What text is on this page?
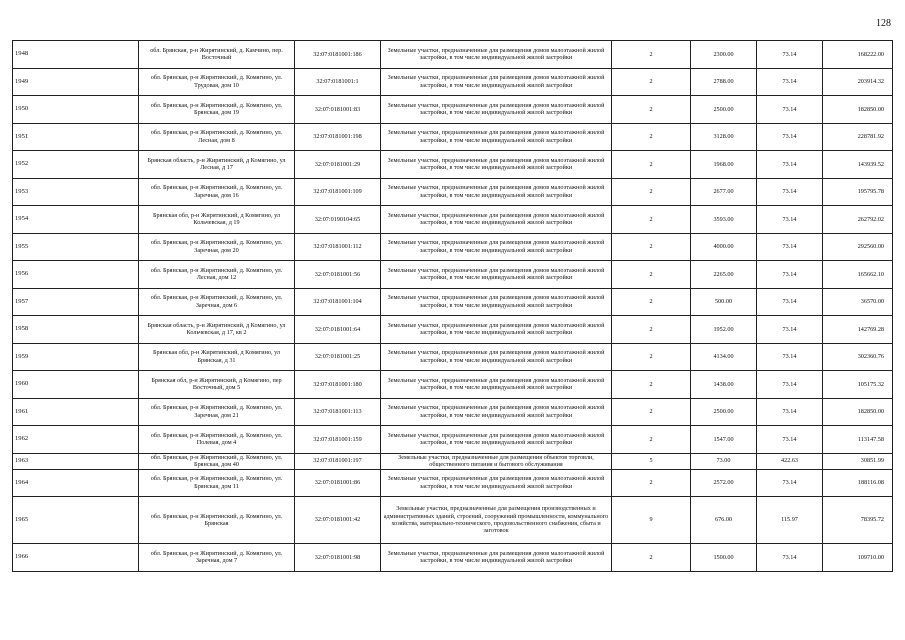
128
1948	обл. Брянская, р-н Жирятинский, д. Камчино, пер. Восточный	32:07:0181001:186	Земельные участки, предназначенные для размещения домов малоэтажной жилой застройки, в том числе индивидуальной жилой застройки	2	2300.00	73.14	168222.00
1949	обл. Брянская, р-н Жирятинский, д. Комягино, ул. Трудовая, дом 10	32:07:0181001:1	Земельные участки, предназначенные для размещения домов малоэтажной жилой застройки, в том числе индивидуальной жилой застройки	2	2788.00	73.14	203914.32
1950	обл. Брянская, р-н Жирятинский, д. Комягино, ул. Брянская, дом 19	32:07:0181001:83	Земельные участки, предназначенные для размещения домов малоэтажной жилой застройки, в том числе индивидуальной жилой застройки	2	2500.00	73.14	182850.00
1951	обл. Брянская, р-н Жирятинский, д. Комягино, ул. Лесная, дом 8	32:07:0181001:198	Земельные участки, предназначенные для размещения домов малоэтажной жилой застройки, в том числе индивидуальной жилой застройки	2	3128.00	73.14	228781.92
1952	Брянская область, р-н Жирятинский, д Комягино, ул Лесная, д 17	32:07:0181001:29	Земельные участки, предназначенные для размещения домов малоэтажной жилой застройки, в том числе индивидуальной жилой застройки	2	1968.00	73.14	143939.52
1953	обл. Брянская, р-н Жирятинский, д. Комягино, ул. Заречная, дом 16	32:07:0181001:109	Земельные участки, предназначенные для размещения домов малоэтажной жилой застройки, в том числе индивидуальной жилой застройки	2	2677.00	73.14	195795.78
1954	Брянская обл, р-н Жирятинский, д Комягино, ул Кольчевская, д 19	32:07:0190104:65	Земельные участки, предназначенные для размещения домов малоэтажной жилой застройки, в том числе индивидуальной жилой застройки	2	3593.00	73.14	262792.02
1955	обл. Брянская, р-н Жирятинский, д. Комягино, ул. Заречная, дом 20	32:07:0181001:112	Земельные участки, предназначенные для размещения домов малоэтажной жилой застройки, в том числе индивидуальной жилой застройки	2	4000.00	73.14	292560.00
1956	обл. Брянская, р-н Жирятинский, д. Комягино, ул. Лесная, дом 12	32:07:0181001:56	Земельные участки, предназначенные для размещения домов малоэтажной жилой застройки, в том числе индивидуальной жилой застройки	2	2265.00	73.14	165662.10
1957	обл. Брянская, р-н Жирятинский, д. Комягино, ул. Заречная, дом 6	32:07:0181001:104	Земельные участки, предназначенные для размещения домов малоэтажной жилой застройки, в том числе индивидуальной жилой застройки	2	500.00	73.14	36570.00
1958	Брянская область, р-н Жирятинский, д Комягино, ул Кольчевская, д 17, кв 2	32:07:0181001:64	Земельные участки, предназначенные для размещения домов малоэтажной жилой застройки, в том числе индивидуальной жилой застройки	2	1952.00	73.14	142769.28
1959	Брянская обл, р-н Жирятинский, д Комягино, ул Брянская, д 31	32:07:0181001:25	Земельные участки, предназначенные для размещения домов малоэтажной жилой застройки, в том числе индивидуальной жилой застройки	2	4134.00	73.14	302360.76
1960	Брянская обл, р-н Жирятинский, д Комягино, пер Восточный, дом 5	32:07:0181001:180	Земельные участки, предназначенные для размещения домов малоэтажной жилой застройки, в том числе индивидуальной жилой застройки	2	1438.00	73.14	105175.32
1961	обл. Брянская, р-н Жирятинский, д. Комягино, ул. Заречная, дом 21	32:07:0181001:113	Земельные участки, предназначенные для размещения домов малоэтажной жилой застройки, в том числе индивидуальной жилой застройки	2	2500.00	73.14	182850.00
1962	обл. Брянская, р-н Жирятинский, д. Комягино, ул. Полевая, дом 4	32:07:0181001:159	Земельные участки, предназначенные для размещения домов малоэтажной жилой застройки, в том числе индивидуальной жилой застройки	2	1547.00	73.14	113147.58
1963	обл. Брянская, р-н Жирятинский, д. Комягино, ул. Брянская, дом 40	32:07:0181001:197	Земельные участки, предназначенные для размещения объектов торговли, общественного питания и бытового обслуживания	5	73.00	422.63	30851.99
1964	обл. Брянская, р-н Жирятинский, д. Комягино, ул. Брянская, дом 11	32:07:0181001:86	Земельные участки, предназначенные для размещения домов малоэтажной жилой застройки, в том числе индивидуальной жилой застройки	2	2572.00	73.14	188116.08
1965	обл. Брянская, р-н Жирятинский, д. Комягино, ул. Брянская	32:07:0181001:42	Земельные участки, предназначенные для размещения производственных и административных зданий, строений, сооружений промышленности, коммунального хозяйства, материально-технического, продовольственного снабжения, сбыта и заготовок	9	676.00	115.97	78395.72
1966	обл. Брянская, р-н Жирятинский, д. Комягино, ул. Заречная, дом 7	32:07:0181001:98	Земельные участки, предназначенные для размещения домов малоэтажной жилой застройки, в том числе индивидуальной жилой застройки	2	1500.00	73.14	109710.00
